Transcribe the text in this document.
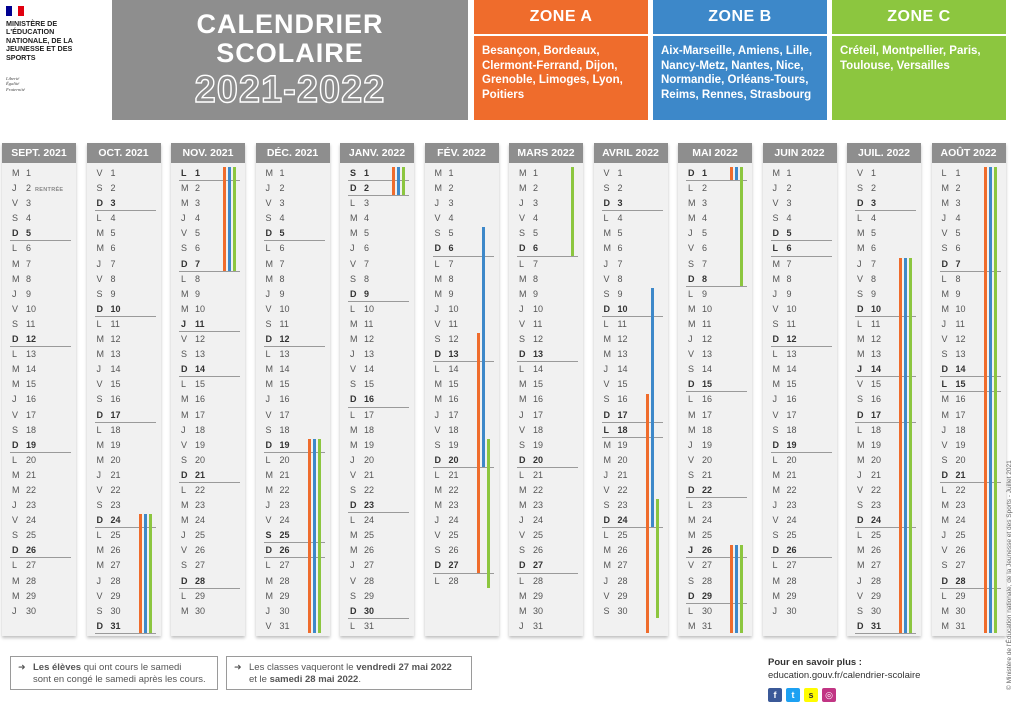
MINISTÈRE DE L'ÉDUCATION NATIONALE, DE LA JEUNESSE ET DES SPORTS
Liberté
Égalité
Fraternité
CALENDRIER
SCOLAIRE
2021-2022
ZONE A
Besançon, Bordeaux, Clermont-Ferrand, Dijon, Grenoble, Limoges, Lyon, Poitiers
ZONE B
Aix-Marseille, Amiens, Lille, Nancy-Metz, Nantes, Nice, Normandie, Orléans-Tours, Reims, Rennes, Strasbourg
ZONE C
Créteil, Montpellier, Paris, Toulouse, Versailles
SEPT. 2021
M 1
J 2 RENTRÉE
V 3
S 4
D 5
L 6
M 7
M 8
J 9
V 10
S 11
D 12
L 13
M 14
M 15
J 16
V 17
S 18
D 19
L 20
M 21
M 22
J 23
V 24
S 25
D 26
L 27
M 28
M 29
J 30
OCT. 2021
V 1
S 2
D 3
L 4
M 5
M 6
J 7
V 8
S 9
D 10
L 11
M 12
M 13
J 14
V 15
S 16
D 17
L 18
M 19
M 20
J 21
V 22
S 23
D 24
L 25
M 26
M 27
J 28
V 29
S 30
D 31
NOV. 2021
L 1
M 2
M 3
J 4
V 5
S 6
D 7
L 8
M 9
M 10
J 11
V 12
S 13
D 14
L 15
M 16
M 17
J 18
V 19
S 20
D 21
L 22
M 23
M 24
J 25
V 26
S 27
D 28
L 29
M 30
DÉC. 2021
M 1
J 2
V 3
S 4
D 5
L 6
M 7
M 8
J 9
V 10
S 11
D 12
L 13
M 14
M 15
J 16
V 17
S 18
D 19
L 20
M 21
M 22
J 23
V 24
S 25
D 26
L 27
M 28
M 29
J 30
V 31
JANV. 2022
S 1
D 2
L 3
M 4
M 5
J 6
V 7
S 8
D 9
L 10
M 11
M 12
J 13
V 14
S 15
D 16
L 17
M 18
M 19
J 20
V 21
S 22
D 23
L 24
M 25
M 26
J 27
V 28
S 29
D 30
L 31
FÉV. 2022
M 1
M 2
J 3
V 4
S 5
D 6
L 7
M 8
M 9
J 10
V 11
S 12
D 13
L 14
M 15
M 16
J 17
V 18
S 19
D 20
L 21
M 22
M 23
J 24
V 25
S 26
D 27
L 28
MARS 2022
M 1
M 2
J 3
V 4
S 5
D 6
L 7
M 8
M 9
J 10
V 11
S 12
D 13
L 14
M 15
M 16
J 17
V 18
S 19
D 20
L 21
M 22
M 23
J 24
V 25
S 26
D 27
L 28
M 29
M 30
J 31
AVRIL 2022
V 1
S 2
D 3
L 4
M 5
M 6
J 7
V 8
S 9
D 10
L 11
M 12
M 13
J 14
V 15
S 16
D 17
L 18
M 19
M 20
J 21
V 22
S 23
D 24
L 25
M 26
M 27
J 28
V 29
S 30
MAI 2022
D 1
L 2
M 3
M 4
J 5
V 6
S 7
D 8
L 9
M 10
M 11
J 12
V 13
S 14
D 15
L 16
M 17
M 18
J 19
V 20
S 21
D 22
L 23
M 24
M 25
J 26
V 27
S 28
D 29
L 30
M 31
JUIN 2022
M 1
J 2
V 3
S 4
D 5
L 6
M 7
M 8
J 9
V 10
S 11
D 12
L 13
M 14
M 15
J 16
V 17
S 18
D 19
L 20
M 21
M 22
J 23
V 24
S 25
D 26
L 27
M 28
M 29
J 30
JUIL. 2022
V 1
S 2
D 3
L 4
M 5
M 6
J 7
V 8
S 9
D 10
L 11
M 12
M 13
J 14
V 15
S 16
D 17
L 18
M 19
M 20
J 21
V 22
S 23
D 24
L 25
M 26
M 27
J 28
V 29
S 30
D 31
AOÛT 2022
L 1
M 2
M 3
J 4
V 5
S 6
D 7
L 8
M 9
M 10
J 11
V 12
S 13
D 14
L 15
M 16
M 17
J 18
V 19
S 20
D 21
L 22
M 23
M 24
J 25
V 26
S 27
D 28
L 29
M 30
M 31
➜ Les élèves qui ont cours le samedi
sont en congé le samedi après les cours.
➜ Les classes vaqueront le vendredi 27 mai 2022
et le samedi 28 mai 2022.
Pour en savoir plus :
education.gouv.fr/calendrier-scolaire
f	t	s	◎
© Ministère de l'Éducation nationale, de la Jeunesse et des Sports - Juillet 2021
